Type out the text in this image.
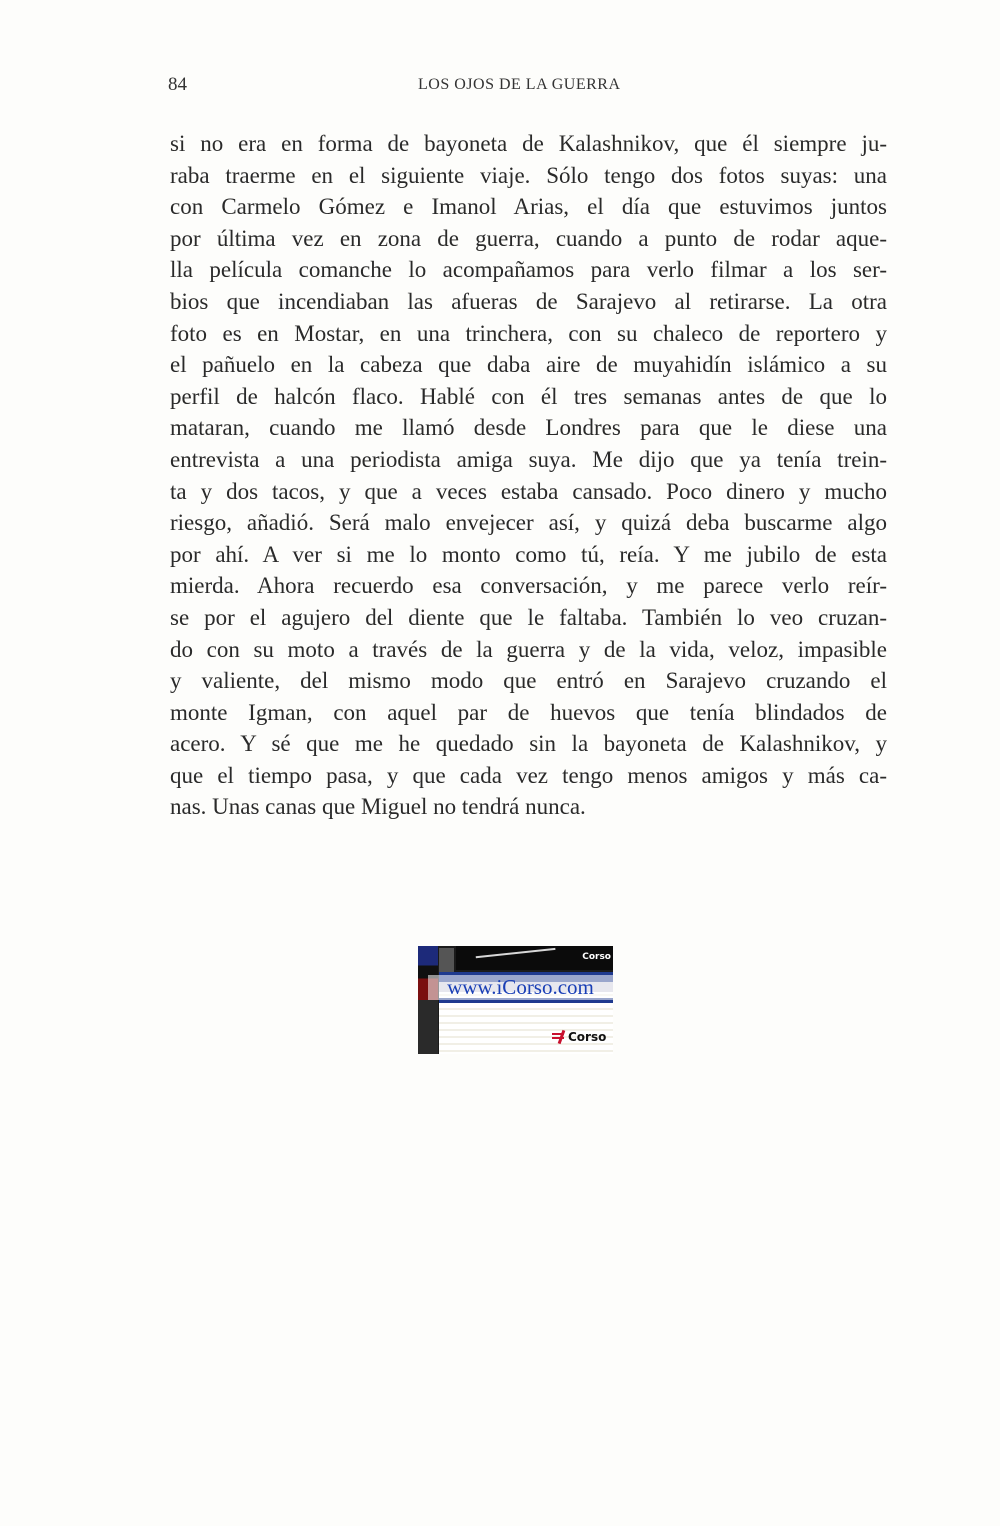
84	LOS OJOS DE LA GUERRA
si no era en forma de bayoneta de Kalashnikov, que él siempre ju-
raba traerme en el siguiente viaje. Sólo tengo dos fotos suyas: una
con Carmelo Gómez e Imanol Arias, el día que estuvimos juntos
por última vez en zona de guerra, cuando a punto de rodar aque-
lla película comanche lo acompañamos para verlo filmar a los ser-
bios que incendiaban las afueras de Sarajevo al retirarse. La otra
foto es en Mostar, en una trinchera, con su chaleco de reportero y
el pañuelo en la cabeza que daba aire de muyahidín islámico a su
perfil de halcón flaco. Hablé con él tres semanas antes de que lo
mataran, cuando me llamó desde Londres para que le diese una
entrevista a una periodista amiga suya. Me dijo que ya tenía trein-
ta y dos tacos, y que a veces estaba cansado. Poco dinero y mucho
riesgo, añadió. Será malo envejecer así, y quizá deba buscarme algo
por ahí. A ver si me lo monto como tú, reía. Y me jubilo de esta
mierda. Ahora recuerdo esa conversación, y me parece verlo reír-
se por el agujero del diente que le faltaba. También lo veo cruzan-
do con su moto a través de la guerra y de la vida, veloz, impasible
y valiente, del mismo modo que entró en Sarajevo cruzando el
monte Igman, con aquel par de huevos que tenía blindados de
acero. Y sé que me he quedado sin la bayoneta de Kalashnikov, y
que el tiempo pasa, y que cada vez tengo menos amigos y más ca-
nas. Unas canas que Miguel no tendrá nunca.
Corso
www.iCorso.com
Corso
